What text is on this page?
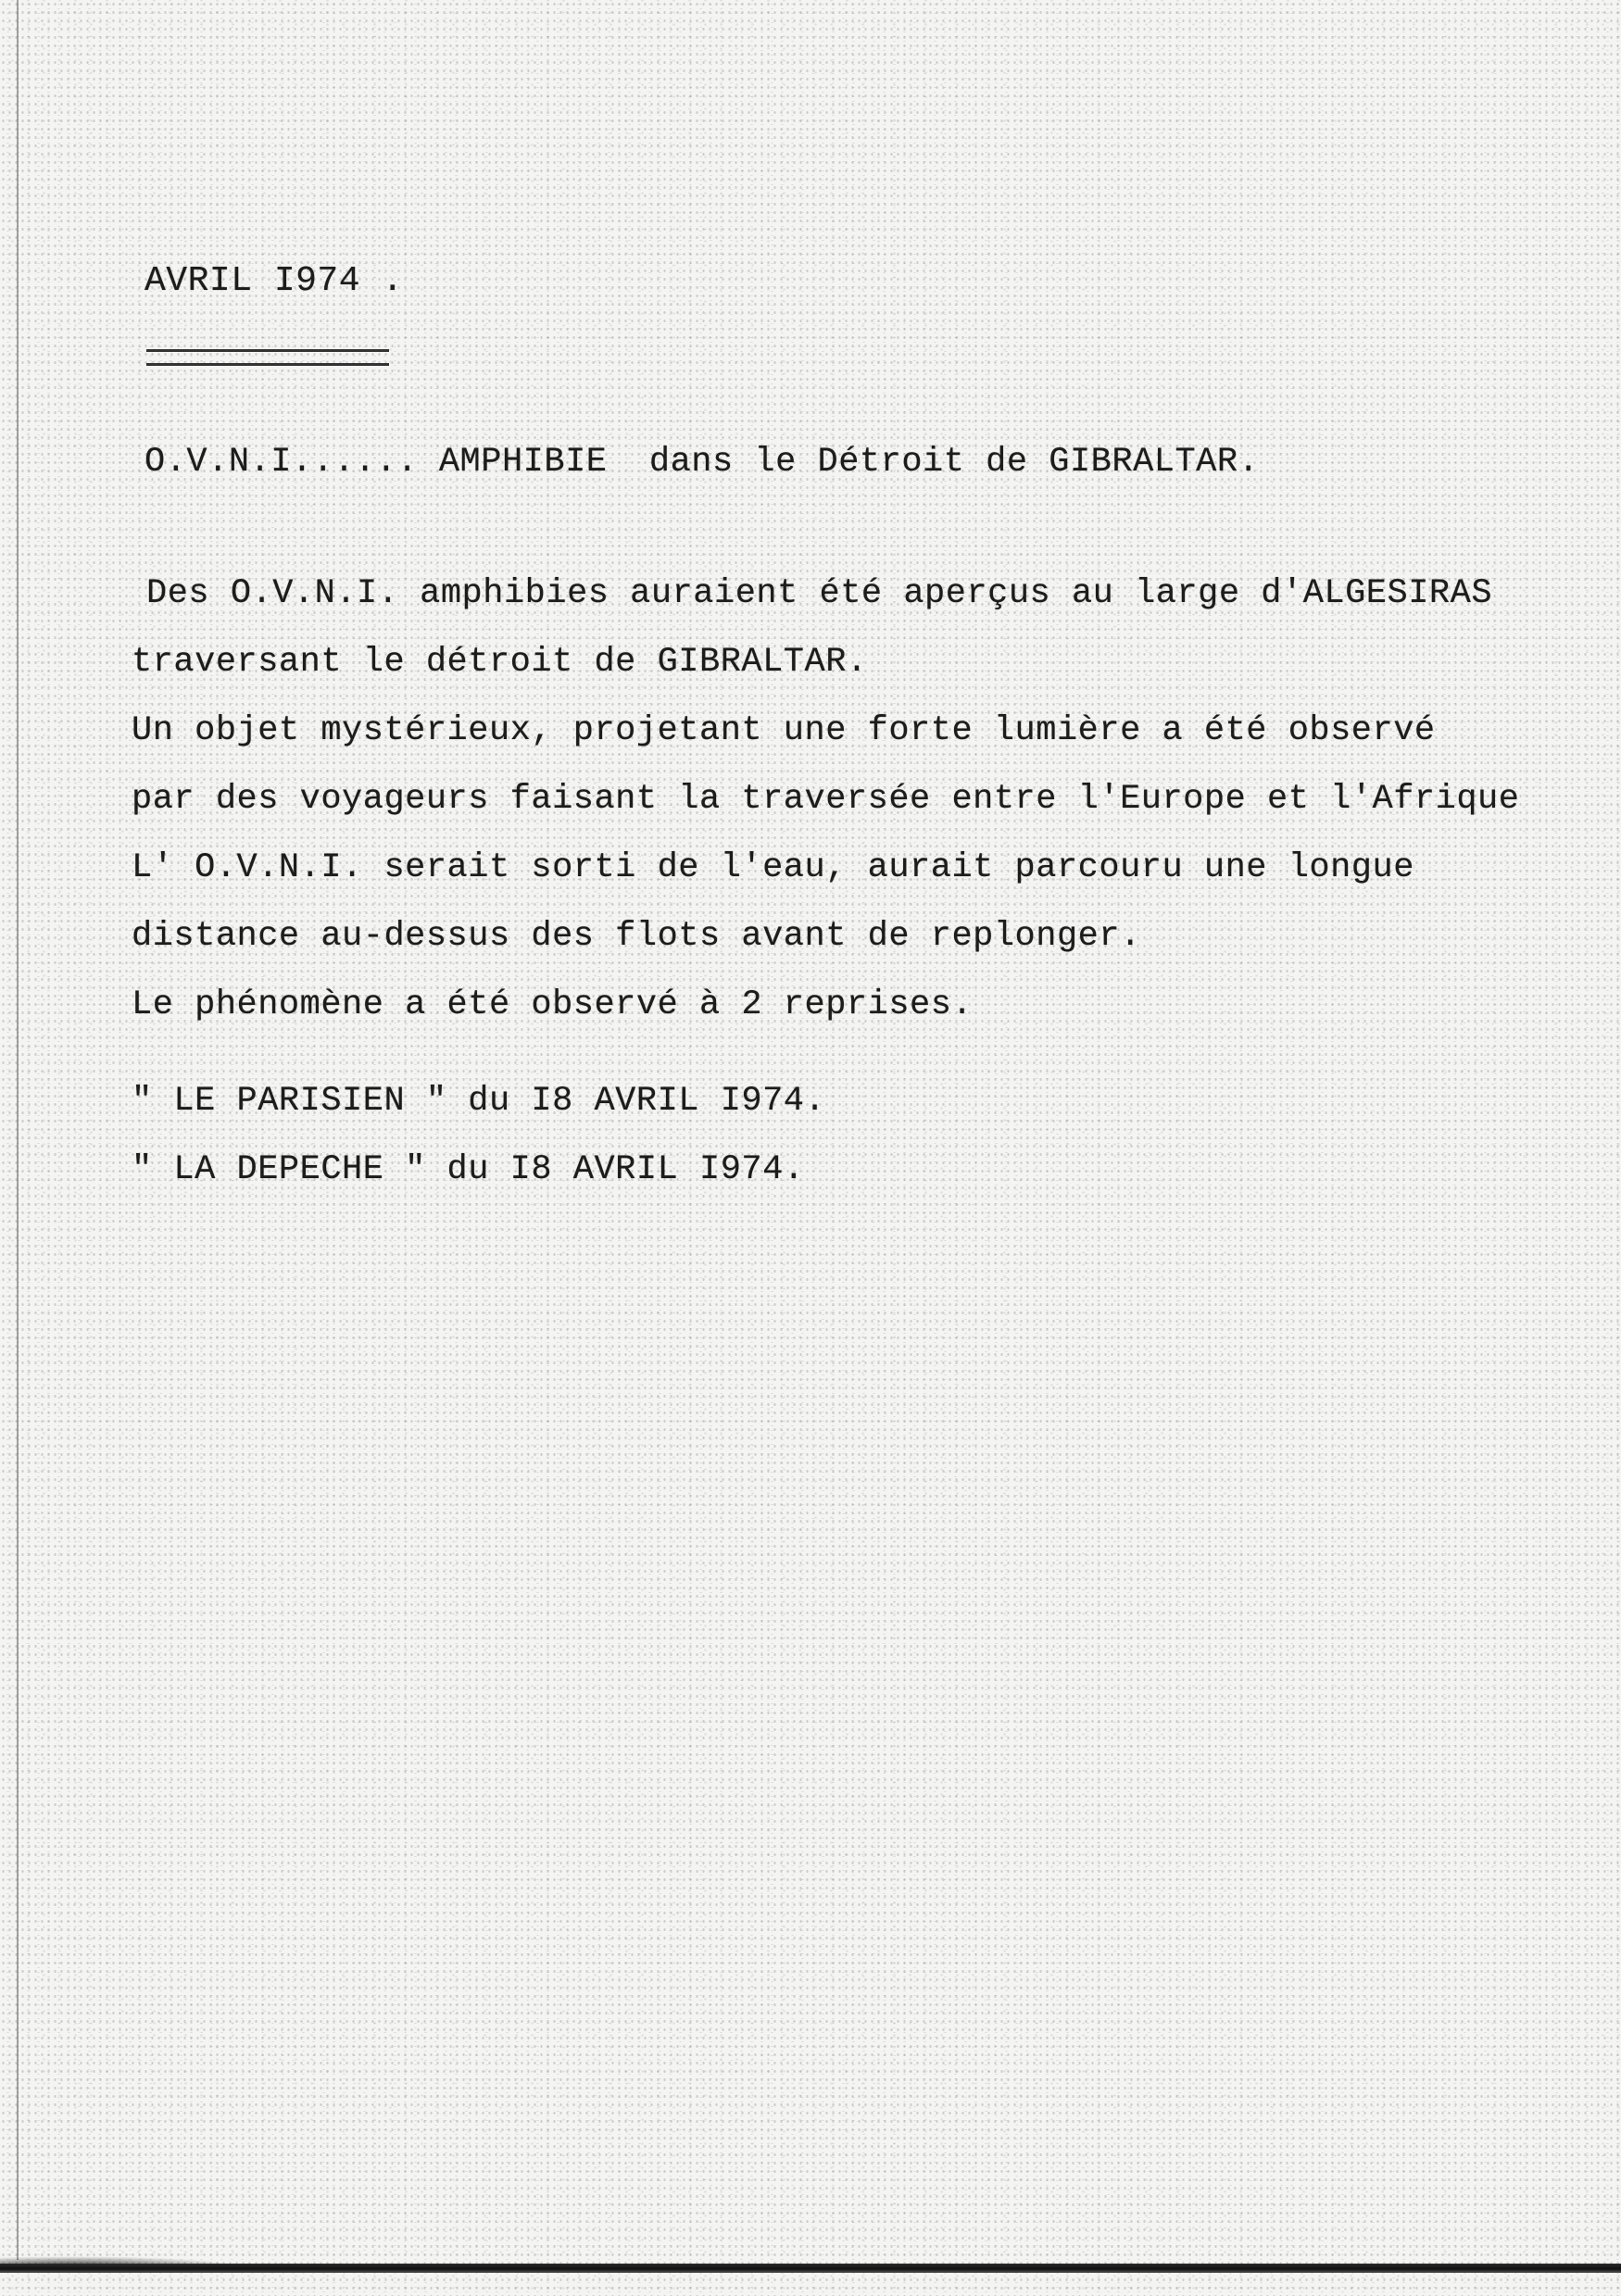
AVRIL I974 .
O.V.N.I...... AMPHIBIE  dans le Détroit de GIBRALTAR.
Des O.V.N.I. amphibies auraient été aperçus au large d'ALGESIRAS
traversant le détroit de GIBRALTAR.
Un objet mystérieux, projetant une forte lumière a été observé
par des voyageurs faisant la traversée entre l'Europe et l'Afrique
L' O.V.N.I. serait sorti de l'eau, aurait parcouru une longue
distance au-dessus des flots avant de replonger.
Le phénomène a été observé à 2 reprises.
" LE PARISIEN " du I8 AVRIL I974.
" LA DEPECHE " du I8 AVRIL I974.
